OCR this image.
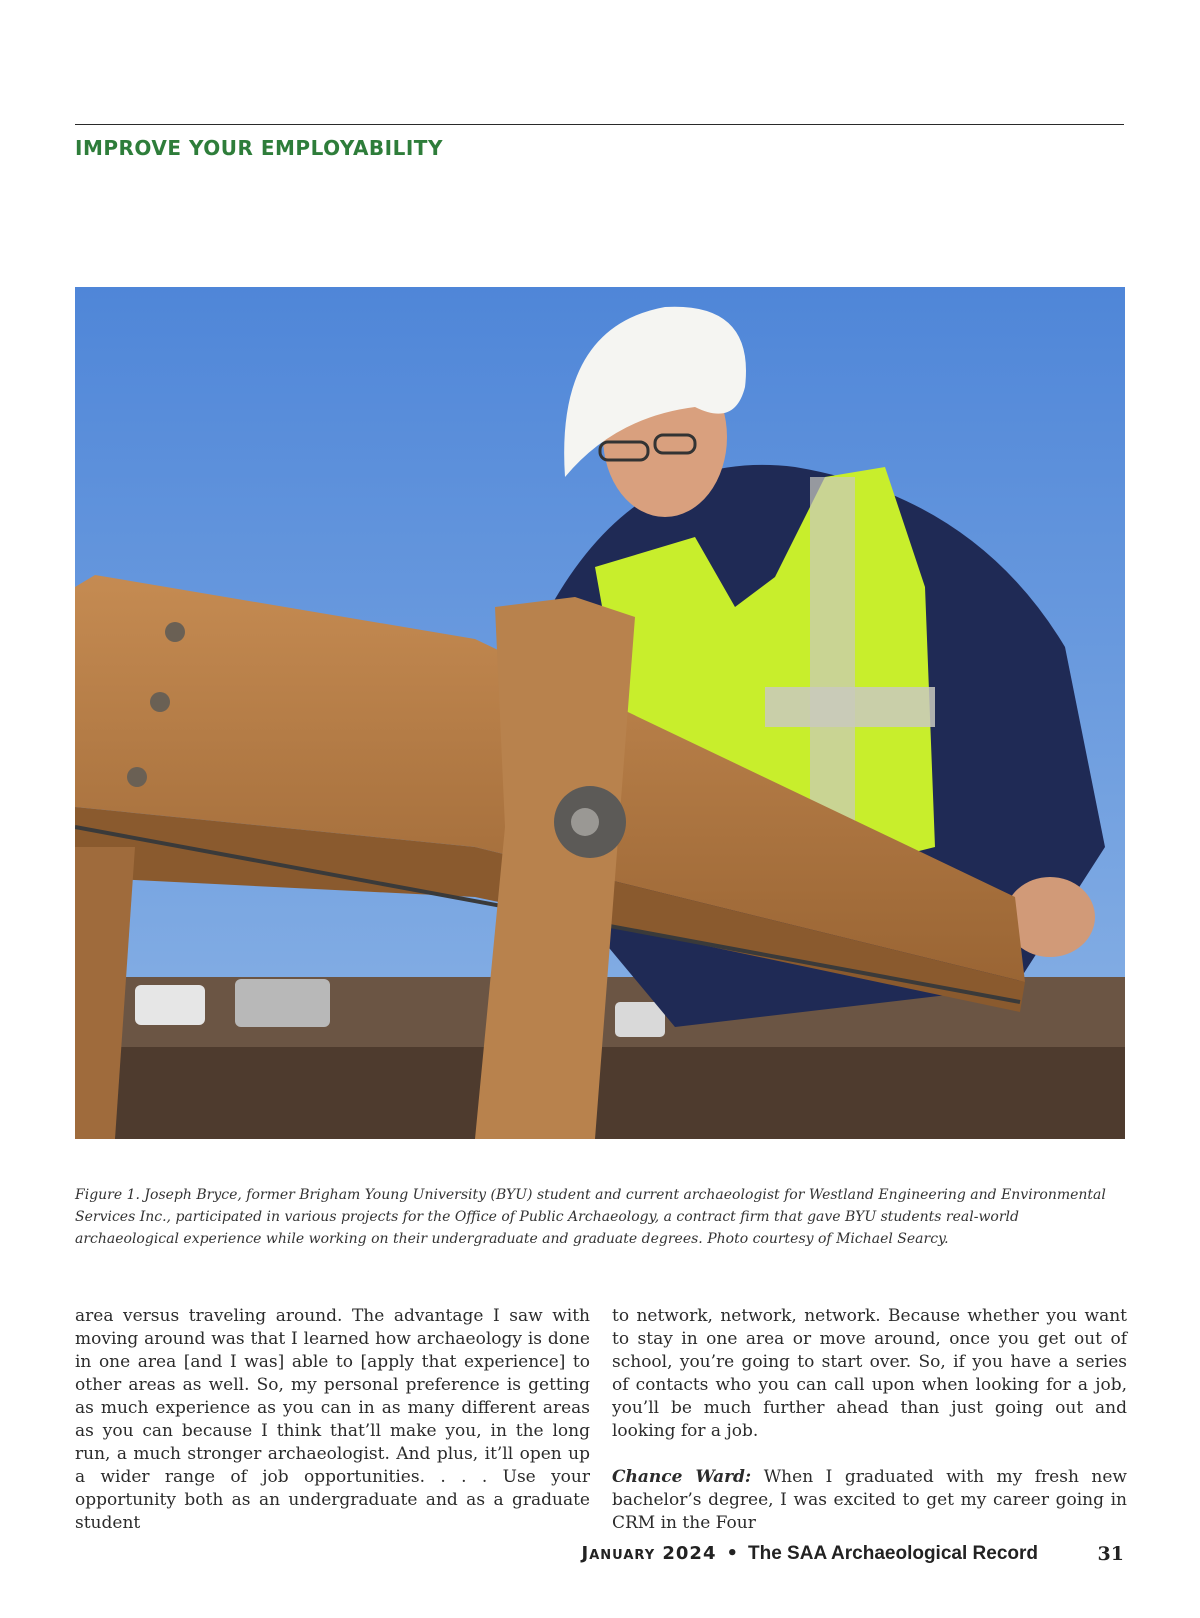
IMPROVE YOUR EMPLOYABILITY
Figure 1. Joseph Bryce, former Brigham Young University (BYU) student and current archaeologist for Westland Engineering and Environmental Services Inc., participated in various projects for the Office of Public Archaeology, a contract firm that gave BYU students real-world archaeological experience while working on their undergraduate and graduate degrees. Photo courtesy of Michael Searcy.

area versus traveling around. The advantage I saw with moving around was that I learned how archaeology is done in one area [and I was] able to [apply that experience] to other areas as well. So, my personal preference is getting as much experience as you can in as many different areas as you can because I think that’ll make you, in the long run, a much stronger archaeologist. And plus, it’ll open up a wider range of job opportunities. . . . Use your opportunity both as an undergraduate and as a graduate student

to network, network, network. Because whether you want to stay in one area or move around, once you get out of school, you’re going to start over. So, if you have a series of contacts who you can call upon when looking for a job, you’ll be much further ahead than just going out and looking for a job.

Chance Ward: When I graduated with my fresh new bachelor’s degree, I was excited to get my career going in CRM in the Four

January 2024 • The SAA Archaeological Record	31
